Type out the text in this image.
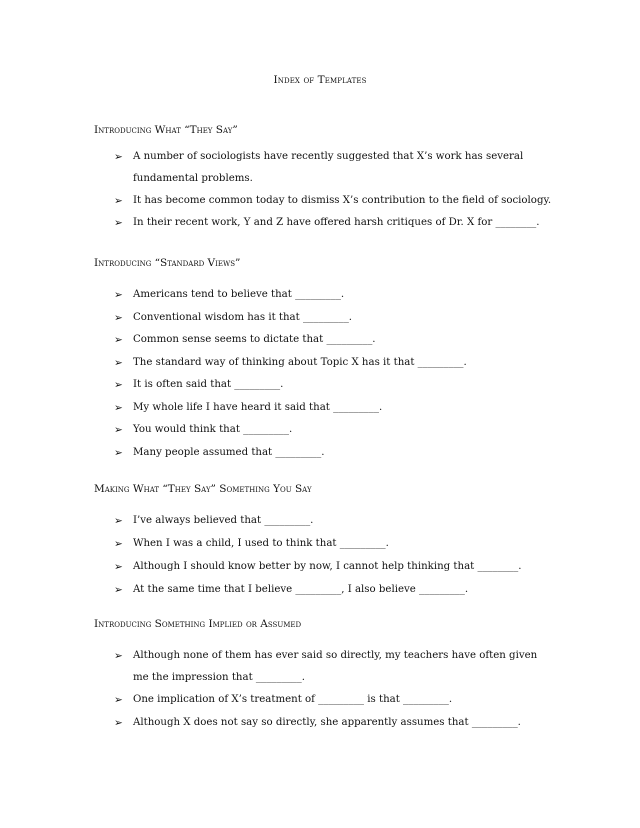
Index of Templates
Introducing What “They Say”
➢ A number of sociologists have recently suggested that X’s work has several fundamental problems.
➢ It has become common today to dismiss X’s contribution to the field of sociology.
➢ In their recent work, Y and Z have offered harsh critiques of Dr. X for ________.
Introducing “Standard Views”
➢ Americans tend to believe that _________.
➢ Conventional wisdom has it that _________.
➢ Common sense seems to dictate that _________.
➢ The standard way of thinking about Topic X has it that _________.
➢ It is often said that _________.
➢ My whole life I have heard it said that _________.
➢ You would think that _________.
➢ Many people assumed that _________.
Making What “They Say” Something You Say
➢ I’ve always believed that _________.
➢ When I was a child, I used to think that _________.
➢ Although I should know better by now, I cannot help thinking that ________.
➢ At the same time that I believe _________, I also believe _________.
Introducing Something Implied or Assumed
➢ Although none of them has ever said so directly, my teachers have often given me the impression that _________.
➢ One implication of X’s treatment of _________ is that _________.
➢ Although X does not say so directly, she apparently assumes that _________.
